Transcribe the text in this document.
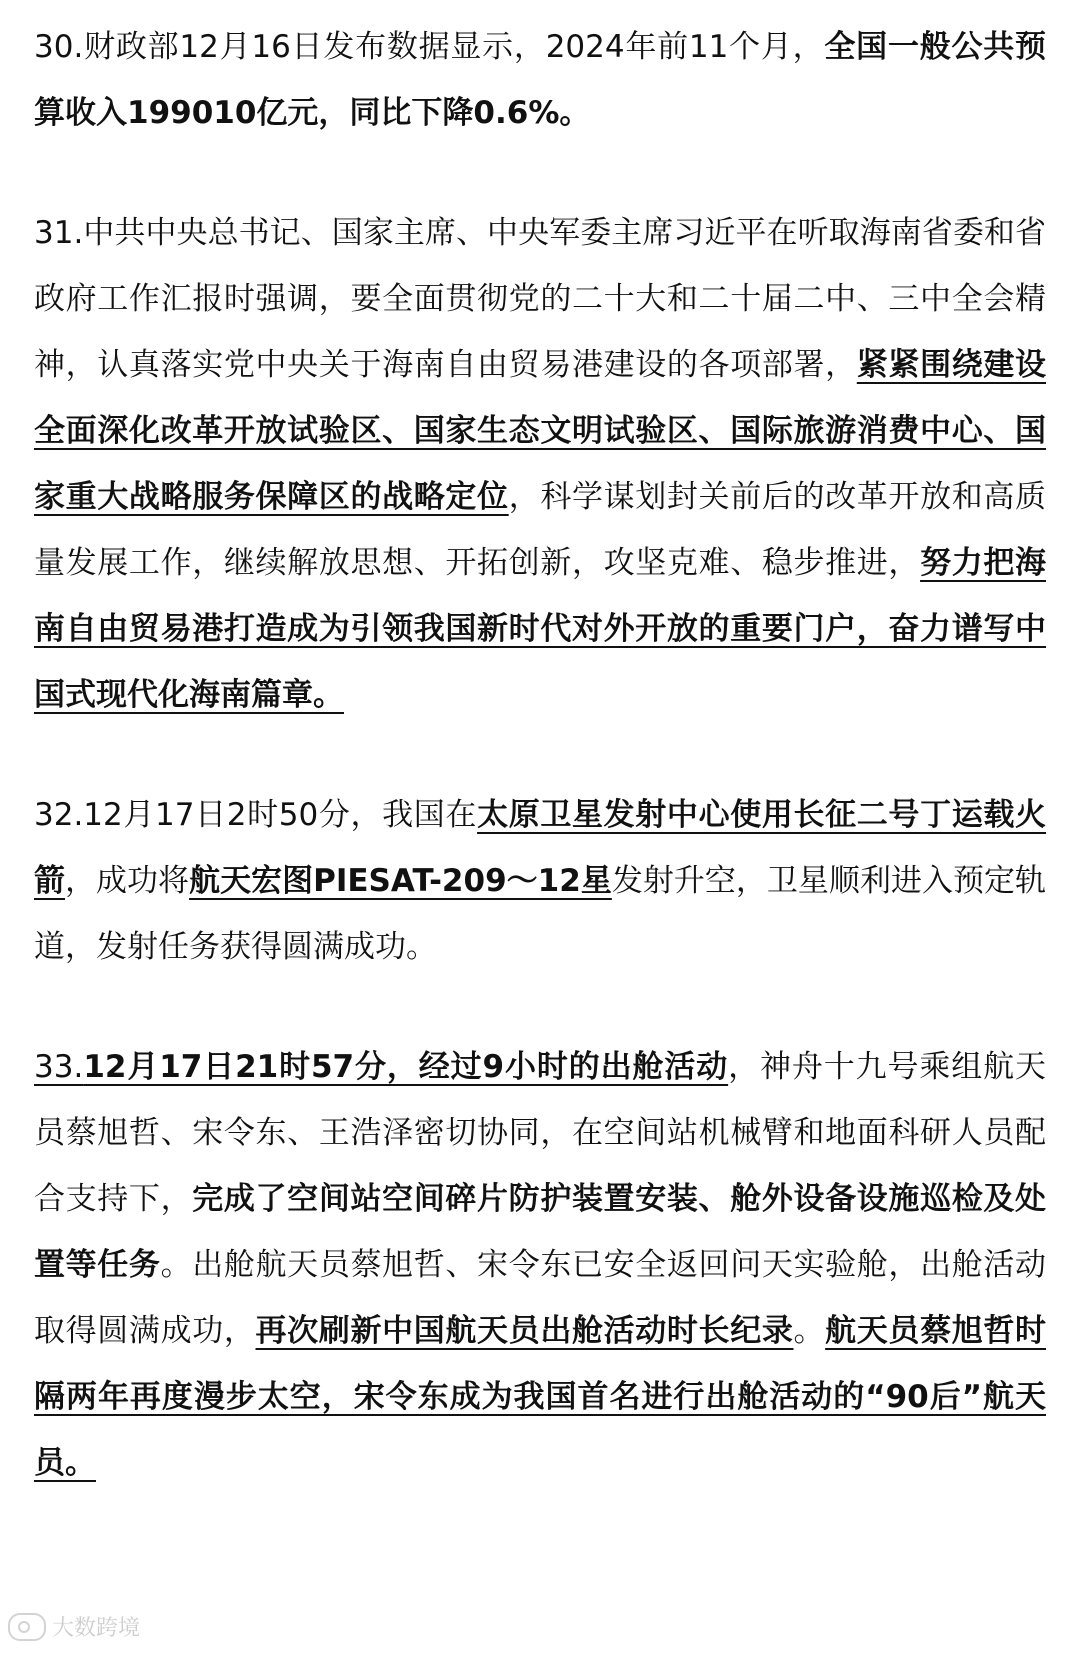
30.财政部12月16日发布数据显示，2024年前11个月，全国一般公共预算收入199010亿元，同比下降0.6%。

31.中共中央总书记、国家主席、中央军委主席习近平在听取海南省委和省政府工作汇报时强调，要全面贯彻党的二十大和二十届二中、三中全会精神，认真落实党中央关于海南自由贸易港建设的各项部署，紧紧围绕建设全面深化改革开放试验区、国家生态文明试验区、国际旅游消费中心、国家重大战略服务保障区的战略定位，科学谋划封关前后的改革开放和高质量发展工作，继续解放思想、开拓创新，攻坚克难、稳步推进，努力把海南自由贸易港打造成为引领我国新时代对外开放的重要门户，奋力谱写中国式现代化海南篇章。

32.12月17日2时50分，我国在太原卫星发射中心使用长征二号丁运载火箭，成功将航天宏图PIESAT-209～12星发射升空，卫星顺利进入预定轨道，发射任务获得圆满成功。

33.12月17日21时57分，经过9小时的出舱活动，神舟十九号乘组航天员蔡旭哲、宋令东、王浩泽密切协同，在空间站机械臂和地面科研人员配合支持下，完成了空间站空间碎片防护装置安装、舱外设备设施巡检及处置等任务。出舱航天员蔡旭哲、宋令东已安全返回问天实验舱，出舱活动取得圆满成功，再次刷新中国航天员出舱活动时长纪录。航天员蔡旭哲时隔两年再度漫步太空，宋令东成为我国首名进行出舱活动的“90后”航天员。

大数跨境
